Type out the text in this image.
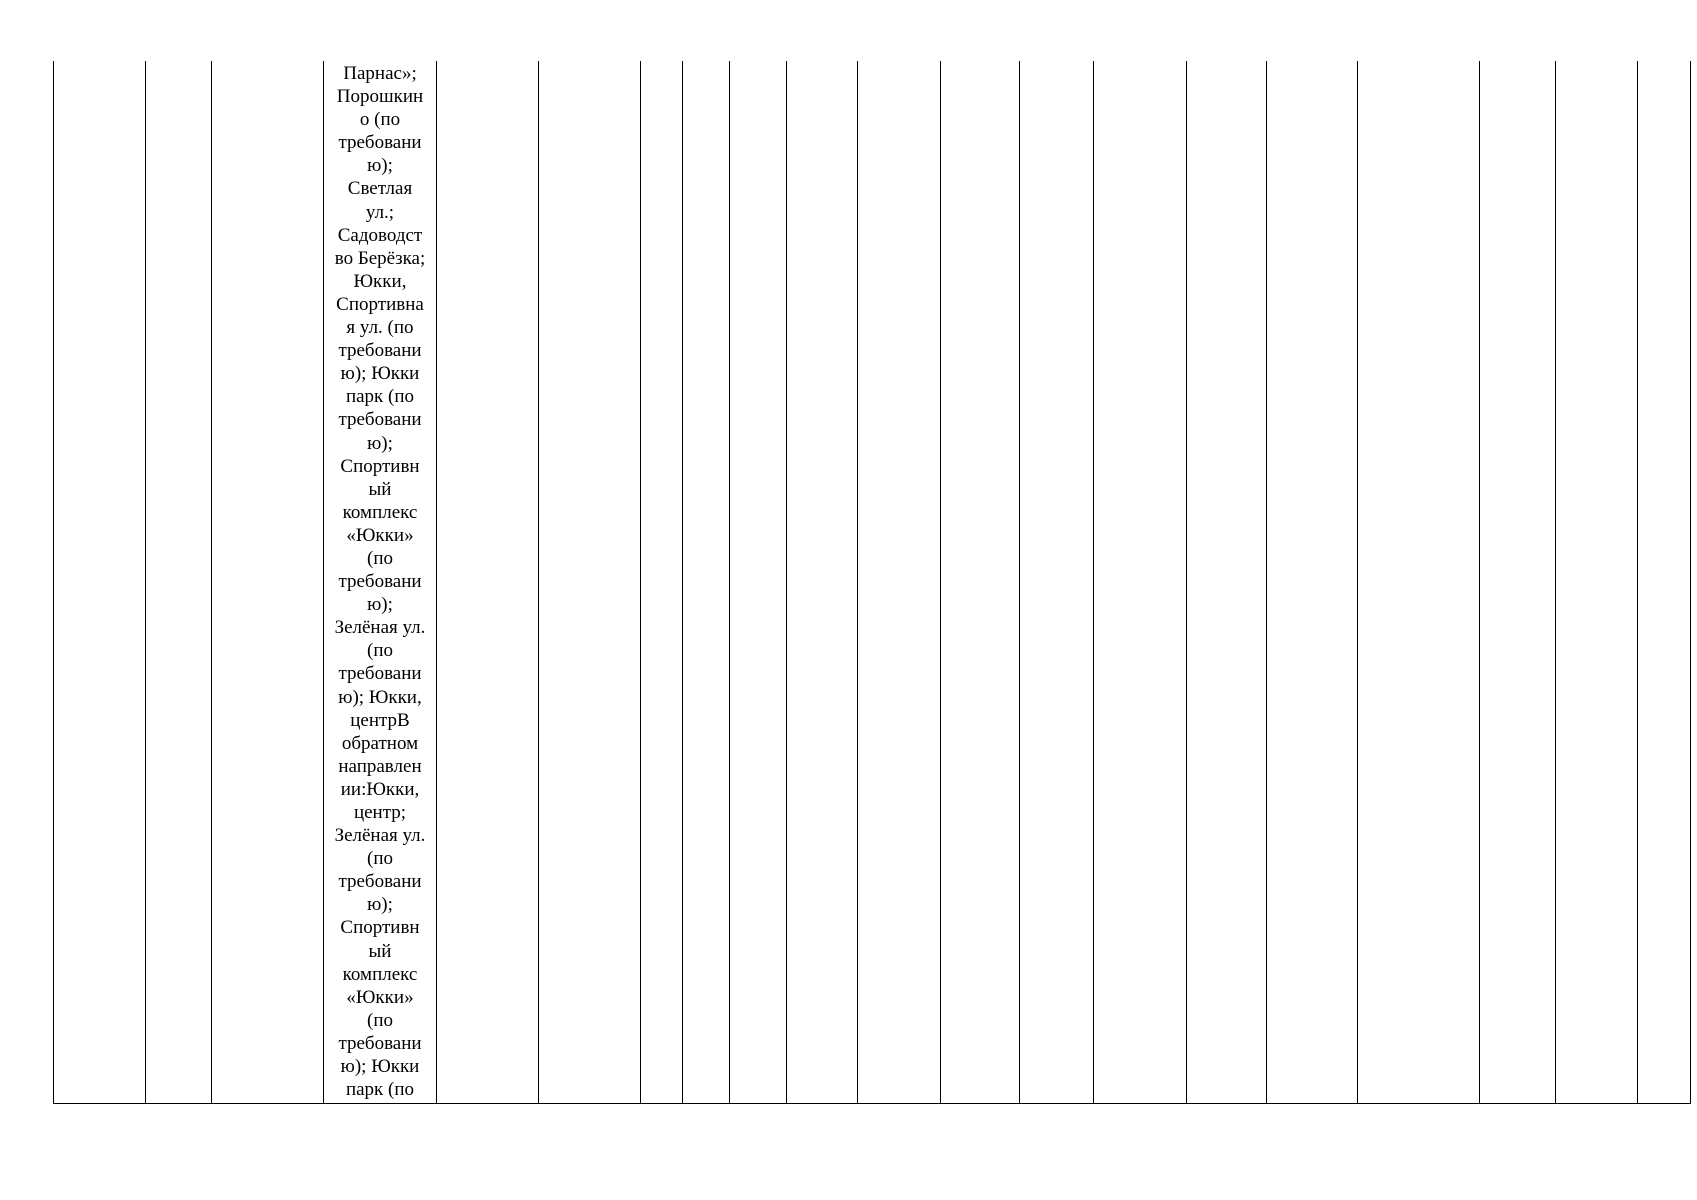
Парнас»;
Порошкин
о (по
требовани
ю);
Светлая
ул.;
Садоводст
во Берёзка;
Юкки,
Спортивна
я ул. (по
требовани
ю); Юкки
парк (по
требовани
ю);
Спортивн
ый
комплекс
«Юкки»
(по
требовани
ю);
Зелёная ул.
(по
требовани
ю); Юкки,
центрВ
обратном
направлен
ии:Юкки,
центр;
Зелёная ул.
(по
требовани
ю);
Спортивн
ый
комплекс
«Юкки»
(по
требовани
ю); Юкки
парк (по
